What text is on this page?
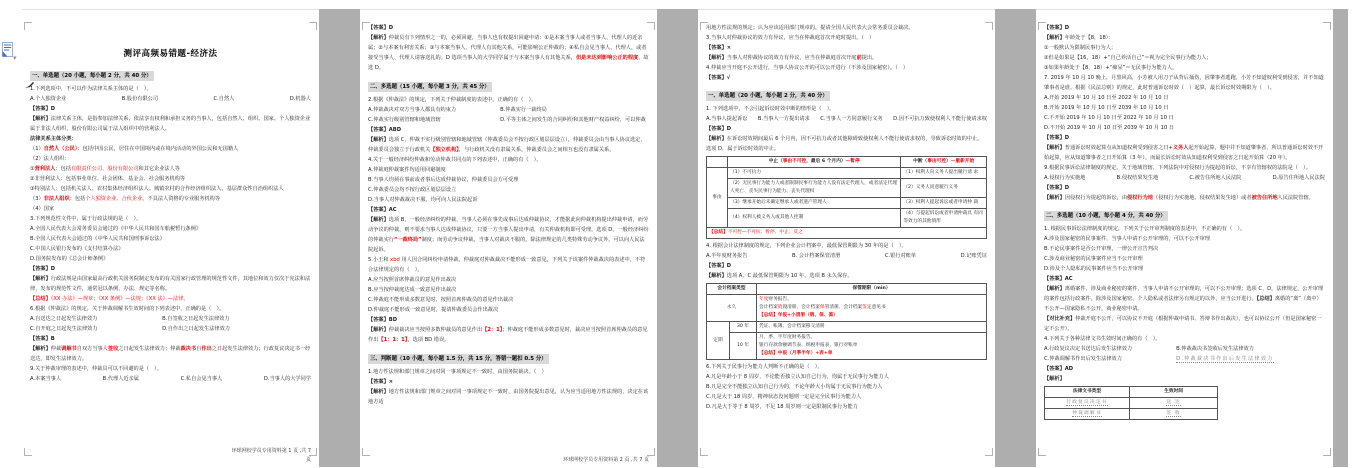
测评高频易错题-经济法
一、单选题（20 小题，每小题 2 分，共 40 分）
1.下列选项中，不可以作为法律关系主体的是（　）。
A.个人独资企业	B.股份有限公司	C.自然人	D.机器人
【答案】D
【解析】法律关系主体，是指参加法律关系，依法享有权利和承担义务的当事人，包括自然人、组织、国家。个人独资企业属于非法人组织，股份有限公司属于法人组织中的营利法人。
法律关系主体分类：
（1）自然人（公民）：包括中国公民，居住在中国境内或在境内活动的外国公民和无国籍人
（2）法人组织：
①营利法人：包括有限责任公司、股份有限公司和其它企业法人等
②非营利法人：包括事业单位、社会团体、基金会、社会服务机构等
③特别法人：包括机关法人、农村集体经济组织法人、城镇农村的合作经济组织法人、基层群众性自治组织法人
（3）非法人组织：包括个人独资企业、合伙企业、不具法人资格的专业服务机构等
（4）国家
3.下列规范性文件中，属于行政法规的是（　）。
A.全国人民代表大会常务委员会通过的《中华人民共和国车船税暂行条例》
B.全国人民代表大会通过的《中华人民共和国刑事诉讼法》
C.中国人民银行发布的《支付结算办法》
D.国务院发布的《总会计师条例》
【答案】D
【解析】行政法规是由国家最高行政机关国务院制定发布的有关国家行政管理的规范性文件，其地位和效力仅次于宪法和法律，发布的规范性文件，通常冠以条例、办法、规定等名称。
【总结】《XX 办法》—规章；《XX 条例》—法规；《XX 法》—法律。
6.根据《仲裁法》的规定，关于仲裁调解书生效时间的下列表述中，正确的是（　）。
A.自送达之日起发生法律效力	B.自签收之日起发生法律效力
C.自开庭之日起发生法律效力	D.自作出之日起发生法律效力
【答案】B
【解析】仲裁调解书自双方当事人签收之日起发生法律效力；仲裁裁决书自作出之日起发生法律效力；行政复议决定书一经送达，即发生法律效力。
9.关于仲裁审理的表述中，仲裁员可以不回避的是（　）。
A.本案当事人	B.代理人近亲属	C.私自会见当事人	D.当事人的大学同学
环球网校学员专用资料第 1 页 ,共 7
页
【答案】D
【解析】仲裁员有下列情形之一的，必须回避，当事人也有权提出回避申请：①是本案当事人或者当事人、代理人的近亲属；②与本案有利害关系；③与本案当事人、代理人有其他关系，可能影响公正仲裁的；④私自会见当事人、代理人，或者接受当事人、代理人请客送礼的。D 选项当事人的大学同学属于与本案当事人有其他关系，但是未达到影响公正的程度，故选 D。
二、多选题（15 小题，每小题 3 分，共 45 分）
2.根据《仲裁法》的规定，下列关于仲裁制度的表述中，正确的有（　）。
A.仲裁裁决对双方当事人都具有约束力	B.仲裁实行一裁终局
C.仲裁实行级别管辖和地域管辖	D.平等主体之间发生的合同纠纷和其他财产权益纠纷，可以仲裁
【答案】ABD
【解析】选项 C，仲裁不实行级别管辖和地域管辖（仲裁委员会不按行政区划层层设立），仲裁委员会由当事人协议选定，仲裁委员会独立于行政机关【独立机构】，与行政机关没有隶属关系。仲裁委员会之间相互也没有隶属关系。
4.关于一般经济纠纷仲裁和劳动仲裁共同点的下列表述中，正确的有（　）。
A.仲裁庭仲裁案件均适用回避制度
B.当事人均须在事前或者事后达成仲裁协议，仲裁委员会方可受理
C.仲裁委员会均不按行政区划层层设立
D.当事人对仲裁裁决不服，均可向人民法院起诉
【答案】AC
【解析】选项 B，一般经济纠纷的仲裁，当事人必须在事先或事后达成仲裁协议，才能据此向仲裁机构提出仲裁申请，而劳动争议的仲裁，则不要求当事人达成仲裁协议，只要一方当事人提出申请，有关仲裁机构即可受理。选项 D，一般经济纠纷的仲裁实行“一裁终局”制度；而劳动争议仲裁，当事人对裁决不服的，除法律规定的几类特殊劳动争议外，可以向人民法院起诉。
5.小王和 xbd 用人因合同纠纷申请仲裁，仲裁庭对仲裁裁决不能形成一致意见，下列关于该案件仲裁裁决的表述中，不符合法律规定的有（　）。
A.应当按照首席仲裁员的意见作出裁决
B.应当按仲裁庭达成一致意见作出裁决
C.仲裁庭不能形成多数意见时，按照首席仲裁员的意见作出裁决
D.仲裁庭不能形成一致意见时，提请仲裁委员会作出裁决
【答案】BD
【解析】仲裁裁决应当按照多数仲裁员的意见作出【2：1】；仲裁庭不能形成多数意见时，裁决应当按照首席仲裁员的意见作出【1：1：1】，选项 BD 错误。
三、判断题（10 小题，每小题 1.5 分，共 15 分，答错一题扣 0.5 分）
1.地方性法规和部门规章之间对同一事项规定不一致时，由国务院裁决。（　）
【答案】×
【解析】地方性法规和部门规章之间对同一事项规定不一致时，由国务院提出意见，认为应当适用地方性法规的，决定在该地方适
环球网校学员专用资料第 2 页 ,共 7 页
用地方性法规的规定；认为应该适用部门规章的，提请全国人民代表大会常务委员会裁决。
3.当事人对仲裁协议的效力有异议，应当在仲裁庭首次开庭时提出。（　）
【答案】×
【解析】当事人对仲裁协议的效力有异议，应当在仲裁庭首次开庭前提出。
4.仲裁应当开庭不公开进行，当事人协议公开的可以公开进行（不涉及国家秘密）。（　）
【答案】√
一、单选题（20 小题，每小题 2 分，共 40 分）
1. 下列选项中，不会引起诉讼时效中断的情形是（　）。
A.当事人提起诉讼 B.当事人一方提出请求 C.当事人一方同意履行义务 D.因不可抗力致使权利人不能行使请求权
【答案】D
【解析】在诉讼时效期间最后 6 个月内，因不可抗力或者其他障碍致使权利人不能行使请求权的，导致诉讼时效的中止。选项 D，属于诉讼时效的中止。
	中止（事由不可控，最后 6 个月内）—暂停	中断（事由可控）—重新开始
事由	（1）不可抗力	（1）权利人向义务人提出履行请 求
	（2）无民事行为能力人或者限制民事行为能力人没有法定代理人，或者法定代理人死亡、丧失民事行为能力、丧失代理权	（2）义务人同意履行义务
	（3）继承开始后未确定继承人或者遗产管理人	（3）权利人提起诉讼或者申请仲 裁
	（4）权利人被义务人或其他人控制	（4）与提起诉讼或者申请仲裁具 有同等效力的其他情形
【总结】不可控—不可抗；暂停、中止；反之		
4. 根据会计法律制度的规定，下列企业会计档案中，最低保管期限为 30 年的是（　）。
A.半年度财务报告	B. 会计档案保管清册	C.银行对账单	D.记账凭证
【答案】D
【解析】选项 A、C 最低保管期限为 10 年，选项 B 永久保存。
会计档案类型		保管期限（min）
永久		年度财务报告。
会计档案销毁清册、会计档案保管清册、会计档案鉴定意见书
【总结】年报+小清册（销、保、鉴）

定期	30 年	凭证、账簿、会计档案移交清册
	10 年	月、季、半年度财务报告。
银行存款余额调节表、纳税申报表、银行对账单
【总结】中报（月季半年）+表+单
6.下列关于民事行为能力人判断不正确的是（　）。
A.凡是年龄小于 8 周岁，不论能否独立认知自己行为，均属于无民事行为能力人
B.凡是完全不能独立认知自己行为的，不论年龄大小均属于无民事行为能力人
C.凡是大于 18 周岁，精神状态没问题则一定是完全民事行为能力人
D.凡是大于等于 8 周岁，不足 18 周岁则一定是限制民事行为能力
【答案】D
【解析】年龄处于【8，18）：
①一般默认为限制民事行为人；
②但是如果是【16，18）+“自己养活自己”＝视为完全民事行为能力人；
③如果年龄处于【8，18）+“痴呆”＝无民事行为能力人。
7. 2019 年 10 月 10 晚上，月黑风高，小芳被人用刀子从背后捅伤，因肇事者逃跑，小芳不知道权利受到侵害，并不知道肇事者是谁。根据《民法总则》的规定，此时普通诉讼时效（　）起算，最长诉讼时效期限为（　）。
A.开始 2019 年 10 月 10 日至 2022 年 10 月 10 日
B.开始 2019 年 10 月 10 日至 2039 年 10 月 10 日
C.不开始 2019 年 10 月 10 日至 2022 年 10 月 10 日
D.不开始 2019 年 10 月 10 日至 2039 年 10 月 10 日
【答案】D
【解析】普通诉讼时效起算点从知道权利受到侵害之日+义务人起开始起算，题中并不知道肇事者，所以普通诉讼时效不开始起算，应从知道肇事者之日开始算（3 年）。而最长诉讼时效从知道权利受到侵害之日起开始算（20 年）。
9.根据民事诉讼法律制度的规定，关于地域管辖，下列法院中对侵权行为提起的诉讼，不享有管辖权的法院是（　）。
A.侵权行为实施地	B.侵权结果发生地	C.被告住所地人民法院	D.原告住所地人民法院
【答案】D
【解析】因侵权行为提起的诉讼，由侵权行为地（侵权行为实施地、侵权结果发生地）或者被告住所地人民法院管辖。
二、多选题（10 小题，每小题 4 分，共 40 分）
1. 根据民事诉讼法律制度的规定，下列关于公开审判制度的表述中，不正确的有（　）。
A.涉及国家秘密的民事案件，当事人申请不公开审理的，可以不公开审理
B.不论民事案件是否公开审理，一律公开宣告判决
C.涉及商业秘密的民事案件应当不公开审理
D.涉及个人隐私的民事案件应当不公开审理
【答案】AC
【解析】离婚案件、涉及商业秘密的案件，当事人申请不公开审理的，可以不公开审理；选项 C、D，法律规定，公开审理的案件包括行政案件，除涉及国家秘密、个人隐私或者法律另有规定的以外，应当公开进行。【总结】离婚的“离”（离中）不公开—国家隐私不公开，商业秘密申请。
【对比补充】仲裁开庭不公开，可以协议不开庭（根据仲裁申请书、答辩书作出裁决），也可以协议公开（但是国家秘密一定不公开）。
4.下列关于各种法律文书生效时间正确的有（　）。
A.行政复议决定书送达后发生法律效力	B.仲裁裁决书签收后发生法律效力
C.仲裁调解书作出后发生法律效力	D.仲裁裁决书作出后发生法律效力
【答案】AD
【解析】
法律文书类型	生效时间
行政复议决定书	送 达
仲裁调解书	签 收
▾
